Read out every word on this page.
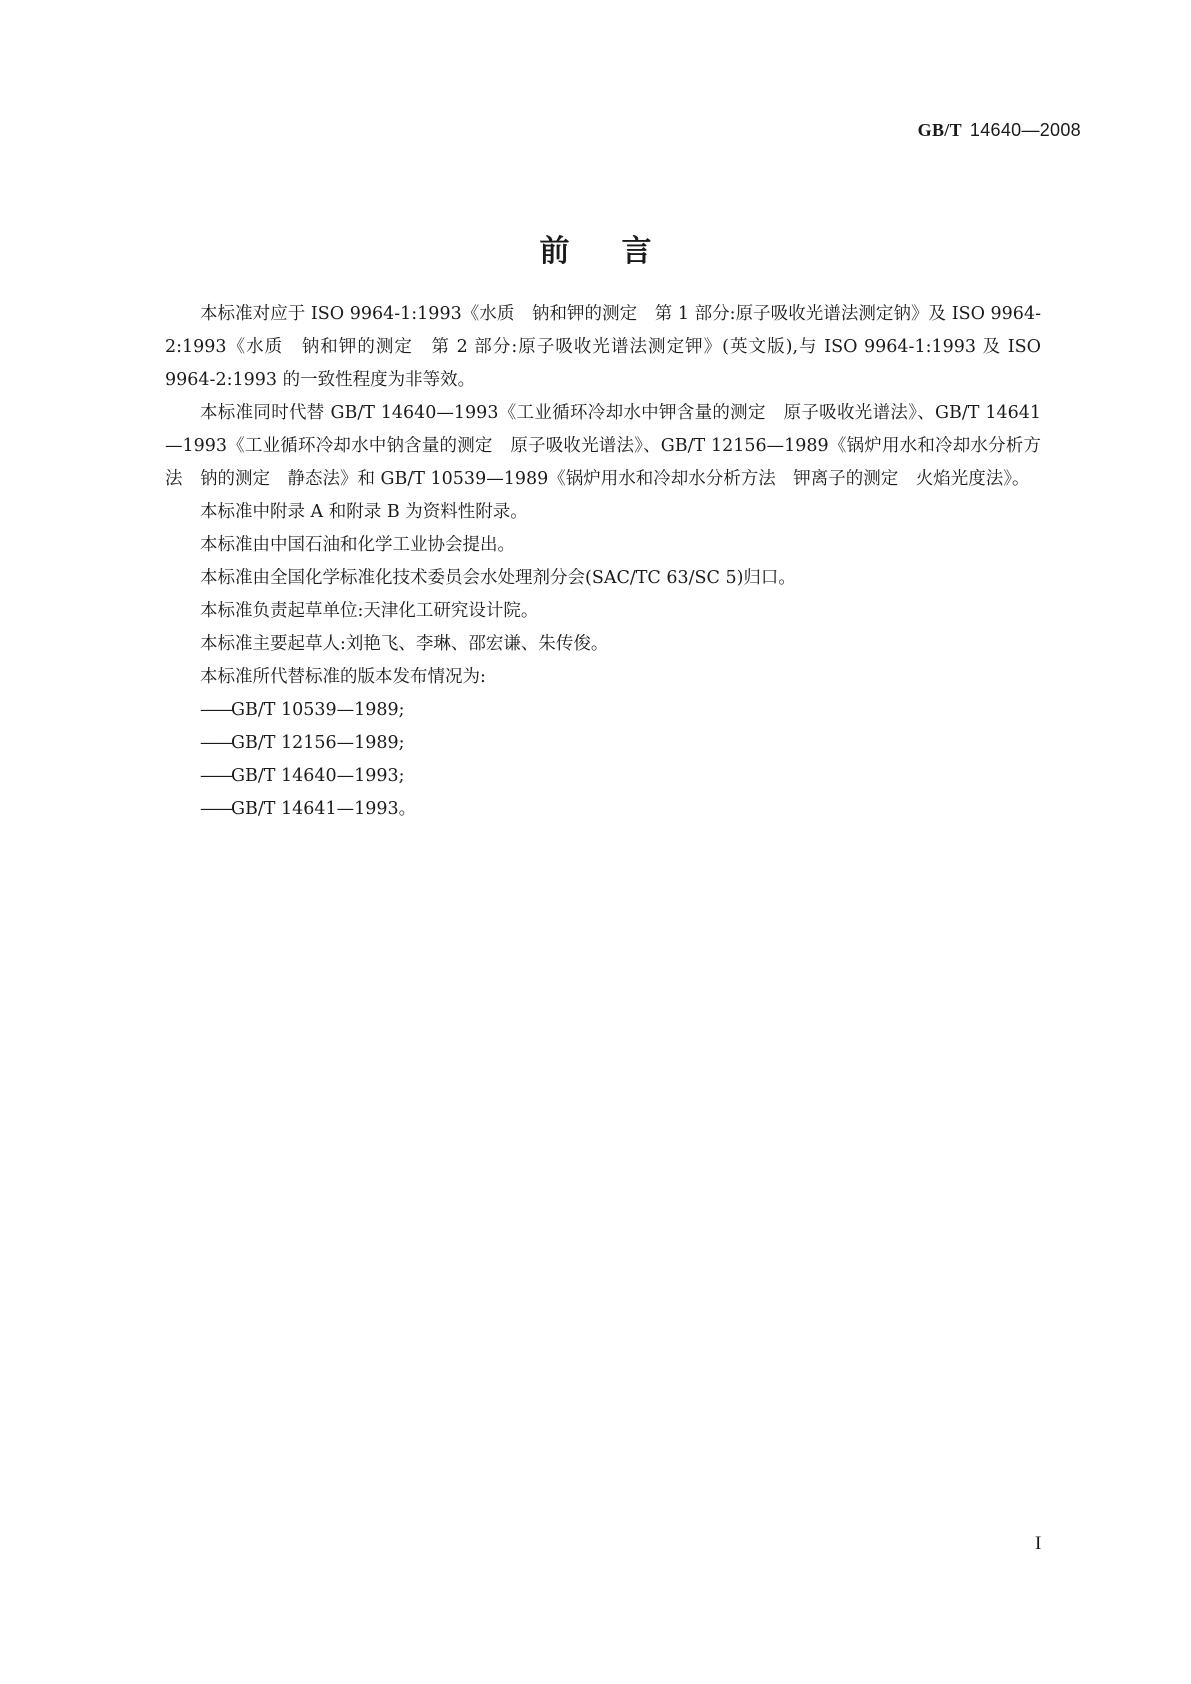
GB/T 14640—2008
前言

本标准对应于 ISO 9964-1:1993《水质　钠和钾的测定　第 1 部分:原子吸收光谱法测定钠》及 ISO 9964-2:1993《水质　钠和钾的测定　第 2 部分:原子吸收光谱法测定钾》(英文版),与 ISO 9964-1:1993 及 ISO 9964-2:1993 的一致性程度为非等效。

本标准同时代替 GB/T 14640—1993《工业循环冷却水中钾含量的测定　原子吸收光谱法》、GB/T 14641—1993《工业循环冷却水中钠含量的测定　原子吸收光谱法》、GB/T 12156—1989《锅炉用水和冷却水分析方法　钠的测定　静态法》和 GB/T 10539—1989《锅炉用水和冷却水分析方法　钾离子的测定　火焰光度法》。

本标准中附录 A 和附录 B 为资料性附录。

本标准由中国石油和化学工业协会提出。

本标准由全国化学标准化技术委员会水处理剂分会(SAC/TC 63/SC 5)归口。

本标准负责起草单位:天津化工研究设计院。

本标准主要起草人:刘艳飞、李琳、邵宏谦、朱传俊。

本标准所代替标准的版本发布情况为:

——GB/T 10539—1989;
——GB/T 12156—1989;
——GB/T 14640—1993;
——GB/T 14641—1993。
I
